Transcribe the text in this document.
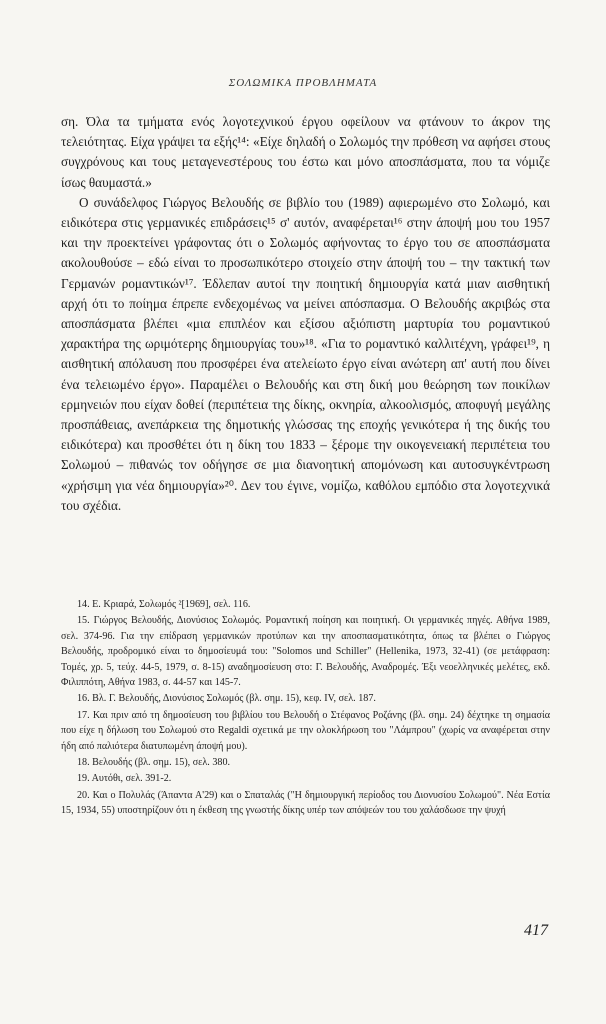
ΣΟΛΩΜΙΚΑ ΠΡΟΒΛΗΜΑΤΑ

ση. Όλα τα τμήματα ενός λογοτεχνικού έργου οφείλουν να φτάνουν το άκρον της τελειότητας. Είχα γράψει τα εξής¹⁴: «Είχε δηλαδή ο Σολωμός την πρόθεση να αφήσει στους συγχρόνους και τους μεταγενεστέρους του έστω και μόνο αποσπάσματα, που τα νόμιζε ίσως θαυμαστά.»

Ο συνάδελφος Γιώργος Βελουδής σε βιβλίο του (1989) αφιερωμένο στο Σολωμό, και ειδικότερα στις γερμανικές επιδράσεις¹⁵ σ' αυτόν, αναφέρεται¹⁶ στην άποψή μου του 1957 και την προεκτείνει γράφοντας ότι ο Σολωμός αφήνοντας το έργο του σε αποσπάσματα ακολουθούσε – εδώ είναι το προσωπικότερο στοιχείο στην άποψή του – την τακτική των Γερμανών ρομαντικών¹⁷. Έδλεπαν αυτοί την ποιητική δημιουργία κατά μιαν αισθητική αρχή ότι το ποίημα έπρεπε ενδεχομένως να μείνει απόσπασμα. Ο Βελουδής ακριβώς στα αποσπάσματα βλέπει «μια επιπλέον και εξίσου αξιόπιστη μαρτυρία του ρομαντικού χαρακτήρα της ωριμότερης δημιουργίας του»¹⁸. «Για το ρομαντικό καλλιτέχνη, γράφει¹⁹, η αισθητική απόλαυση που προσφέρει ένα ατελείωτο έργο είναι ανώτερη απ' αυτή που δίνει ένα τελειωμένο έργο». Παραμέλει ο Βελουδής και στη δική μου θεώρηση των ποικίλων ερμηνειών που είχαν δοθεί (περιπέτεια της δίκης, οκνηρία, αλκοολισμός, αποφυγή μεγάλης προσπάθειας, ανεπάρκεια της δημοτικής γλώσσας της εποχής γενικότερα ή της δικής του ειδικότερα) και προσθέτει ότι η δίκη του 1833 – ξέρομε την οικογενειακή περιπέτεια του Σολωμού – πιθανώς τον οδήγησε σε μια διανοητική απομόνωση και αυτοσυγκέντρωση «χρήσιμη για νέα δημιουργία»²⁰. Δεν του έγινε, νομίζω, καθόλου εμπόδιο στα λογοτεχνικά του σχέδια.

14. Ε. Κριαρά, Σολωμός ²[1969], σελ. 116.

15. Γιώργος Βελουδής, Διονύσιος Σολωμός. Ρομαντική ποίηση και ποιητική. Οι γερμανικές πηγές. Αθήνα 1989, σελ. 374-96. Για την επίδραση γερμανικών προτύπων και την αποσπασματικότητα, όπως τα βλέπει ο Γιώργος Βελουδής, προδρομικό είναι το δημοσίευμά του: "Solomos und Schiller" (Hellenika, 1973, 32-41) (σε μετάφραση: Τομές, χρ. 5, τεύχ. 44-5, 1979, σ. 8-15) αναδημοσίευση στο: Γ. Βελουδής, Αναδρομές. Έξι νεοελληνικές μελέτες, εκδ. Φιλιππότη, Αθήνα 1983, σ. 44-57 και 145-7.

16. Βλ. Γ. Βελουδής, Διονύσιος Σολωμός (βλ. σημ. 15), κεφ. IV, σελ. 187.

17. Και πριν από τη δημοσίευση του βιβλίου του Βελουδή ο Στέφανος Ροζάνης (βλ. σημ. 24) δέχτηκε τη σημασία που είχε η δήλωση του Σολωμού στο Regaldi σχετικά με την ολοκλήρωση του "Λάμπρου" (χωρίς να αναφέρεται στην ήδη από παλιότερα διατυπωμένη άποψή μου).

18. Βελουδής (βλ. σημ. 15), σελ. 380.

19. Αυτόθι, σελ. 391-2.

20. Και ο Πολυλάς (Άπαντα Α'29) και ο Σπαταλάς ("Η δημιουργική περίοδος του Διονυσίου Σολωμού". Νέα Εστία 15, 1934, 55) υποστηρίζουν ότι η έκθεση της γνωστής δίκης υπέρ των απόψεών του του χαλάσδωσε την ψυχή

417
